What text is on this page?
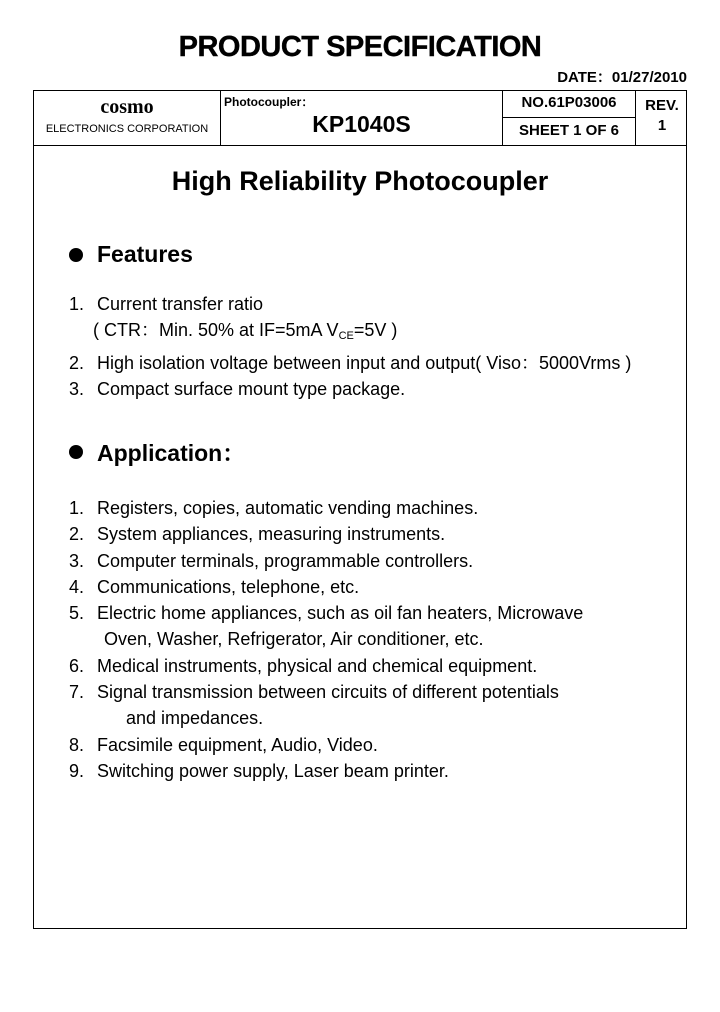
PRODUCT SPECIFICATION
DATE：01/27/2010
cosmo
ELECTRONICS CORPORATION
Photocoupler：
KP1040S
NO.61P03006
SHEET 1 OF 6
REV.
1
High Reliability Photocoupler
Features
1. Current transfer ratio
( CTR：Min. 50% at IF=5mA $V_{CE}=5V$ )
2. High isolation voltage between input and output( Viso：5000Vrms )
3. Compact surface mount type package.
Application：
1. Registers, copies, automatic vending machines.
2. System appliances, measuring instruments.
3. Computer terminals, programmable controllers.
4. Communications, telephone, etc.
5. Electric home appliances, such as oil fan heaters, Microwave
Oven, Washer, Refrigerator, Air conditioner, etc.
6. Medical instruments, physical and chemical equipment.
7. Signal transmission between circuits of different potentials
and impedances.
8. Facsimile equipment, Audio, Video.
9. Switching power supply, Laser beam printer.
